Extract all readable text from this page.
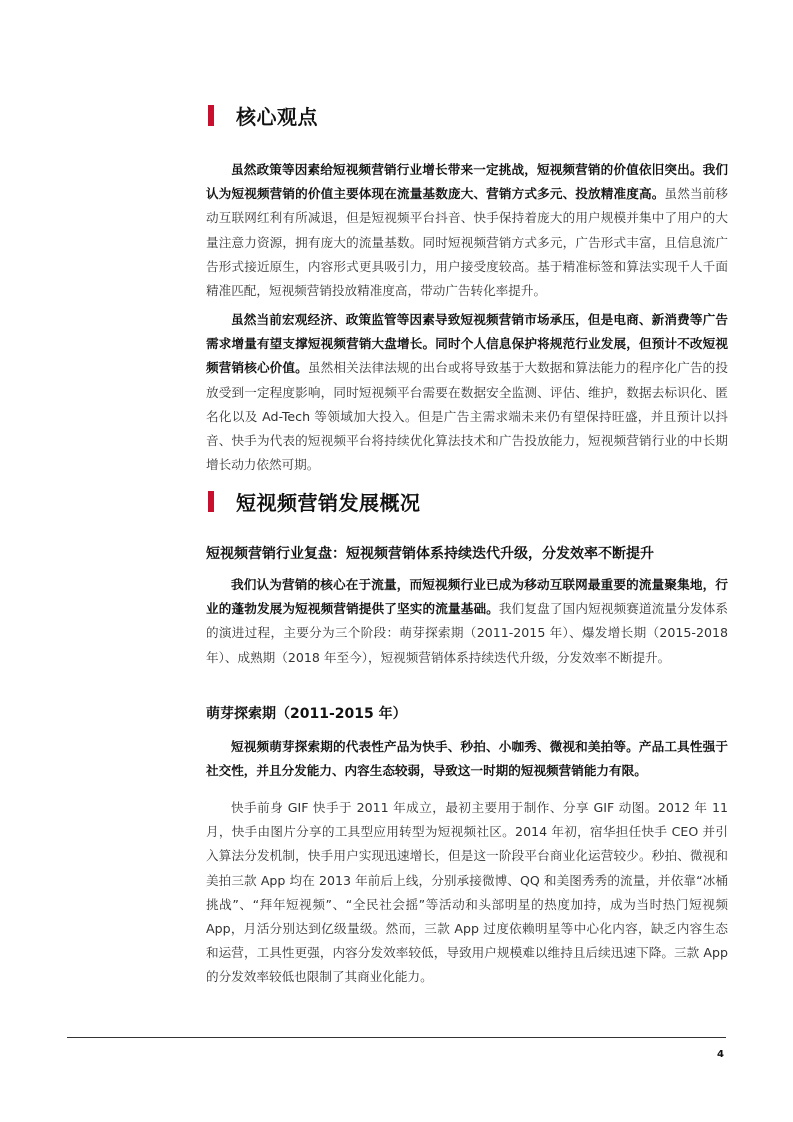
核心观点

虽然政策等因素给短视频营销行业增长带来一定挑战，短视频营销的价值依旧突出。我们认为短视频营销的价值主要体现在流量基数庞大、营销方式多元、投放精准度高。虽然当前移动互联网红利有所减退，但是短视频平台抖音、快手保持着庞大的用户规模并集中了用户的大量注意力资源，拥有庞大的流量基数。同时短视频营销方式多元，广告形式丰富，且信息流广告形式接近原生，内容形式更具吸引力，用户接受度较高。基于精准标签和算法实现千人千面精准匹配，短视频营销投放精准度高，带动广告转化率提升。

虽然当前宏观经济、政策监管等因素导致短视频营销市场承压，但是电商、新消费等广告需求增量有望支撑短视频营销大盘增长。同时个人信息保护将规范行业发展，但预计不改短视频营销核心价值。虽然相关法律法规的出台或将导致基于大数据和算法能力的程序化广告的投放受到一定程度影响，同时短视频平台需要在数据安全监测、评估、维护，数据去标识化、匿名化以及 Ad-Tech 等领域加大投入。但是广告主需求端未来仍有望保持旺盛，并且预计以抖音、快手为代表的短视频平台将持续优化算法技术和广告投放能力，短视频营销行业的中长期增长动力依然可期。

短视频营销发展概况
短视频营销行业复盘：短视频营销体系持续迭代升级，分发效率不断提升

我们认为营销的核心在于流量，而短视频行业已成为移动互联网最重要的流量聚集地，行业的蓬勃发展为短视频营销提供了坚实的流量基础。我们复盘了国内短视频赛道流量分发体系的演进过程，主要分为三个阶段：萌芽探索期（2011-2015 年）、爆发增长期（2015-2018 年）、成熟期（2018 年至今），短视频营销体系持续迭代升级，分发效率不断提升。

萌芽探索期（2011-2015 年）

短视频萌芽探索期的代表性产品为快手、秒拍、小咖秀、微视和美拍等。产品工具性强于社交性，并且分发能力、内容生态较弱，导致这一时期的短视频营销能力有限。

快手前身 GIF 快手于 2011 年成立，最初主要用于制作、分享 GIF 动图。2012 年 11 月，快手由图片分享的工具型应用转型为短视频社区。2014 年初，宿华担任快手 CEO 并引入算法分发机制，快手用户实现迅速增长，但是这一阶段平台商业化运营较少。秒拍、微视和美拍三款 App 均在 2013 年前后上线，分别承接微博、QQ 和美图秀秀的流量，并依靠“冰桶挑战”、“拜年短视频”、“全民社会摇”等活动和头部明星的热度加持，成为当时热门短视频 App，月活分别达到亿级量级。然而，三款 App 过度依赖明星等中心化内容，缺乏内容生态和运营，工具性更强，内容分发效率较低，导致用户规模难以维持且后续迅速下降。三款 App 的分发效率较低也限制了其商业化能力。

4
